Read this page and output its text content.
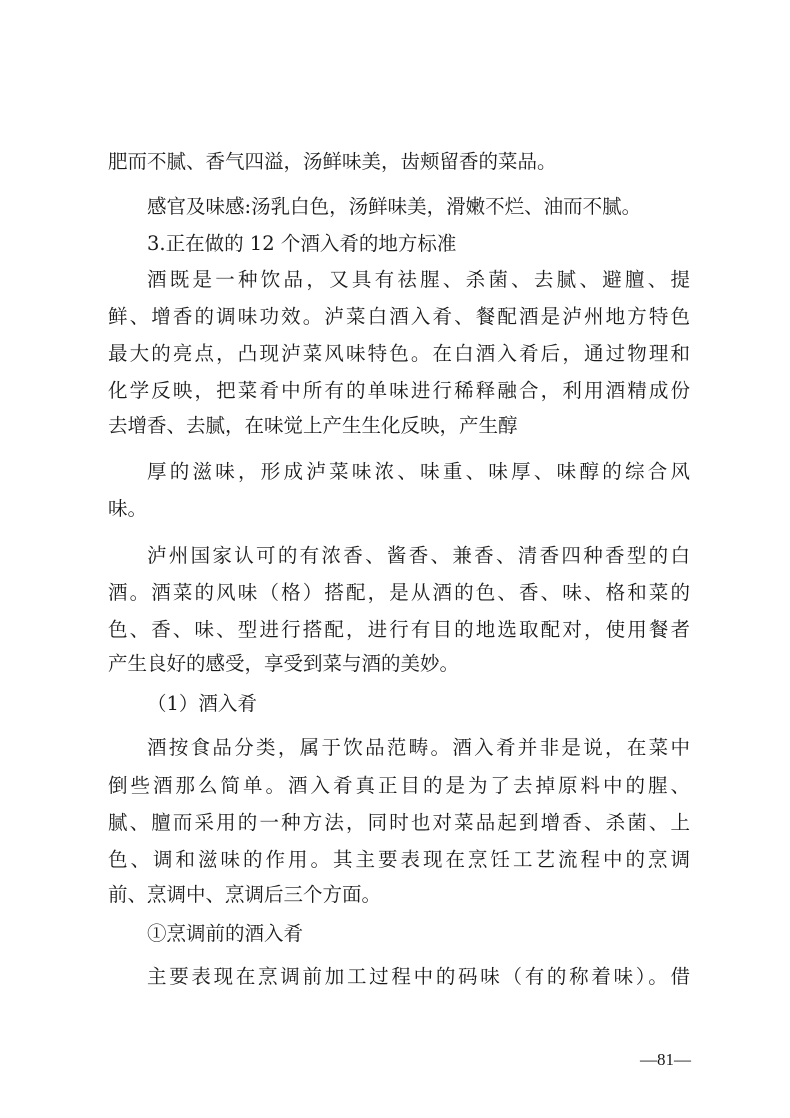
肥而不腻、香气四溢，汤鲜味美，齿颊留香的菜品。
感官及味感:汤乳白色，汤鲜味美，滑嫩不烂、油而不腻。
3.正在做的 12 个酒入肴的地方标准
酒既是一种饮品，又具有祛腥、杀菌、去腻、避膻、提
鲜、增香的调味功效。泸菜白酒入肴、餐配酒是泸州地方特色
最大的亮点，凸现泸菜风味特色。在白酒入肴后，通过物理和
化学反映，把菜肴中所有的单味进行稀释融合，利用酒精成份
去增香、去腻，在味觉上产生生化反映，产生醇
厚的滋味，形成泸菜味浓、味重、味厚、味醇的综合风
味。
泸州国家认可的有浓香、酱香、兼香、清香四种香型的白
酒。酒菜的风味（格）搭配，是从酒的色、香、味、格和菜的
色、香、味、型进行搭配，进行有目的地选取配对，使用餐者
产生良好的感受，享受到菜与酒的美妙。
（1）酒入肴
酒按食品分类，属于饮品范畴。酒入肴并非是说，在菜中
倒些酒那么简单。酒入肴真正目的是为了去掉原料中的腥、
腻、膻而采用的一种方法，同时也对菜品起到增香、杀菌、上
色、调和滋味的作用。其主要表现在烹饪工艺流程中的烹调
前、烹调中、烹调后三个方面。
①烹调前的酒入肴
主要表现在烹调前加工过程中的码味（有的称着味）。借
—81—
